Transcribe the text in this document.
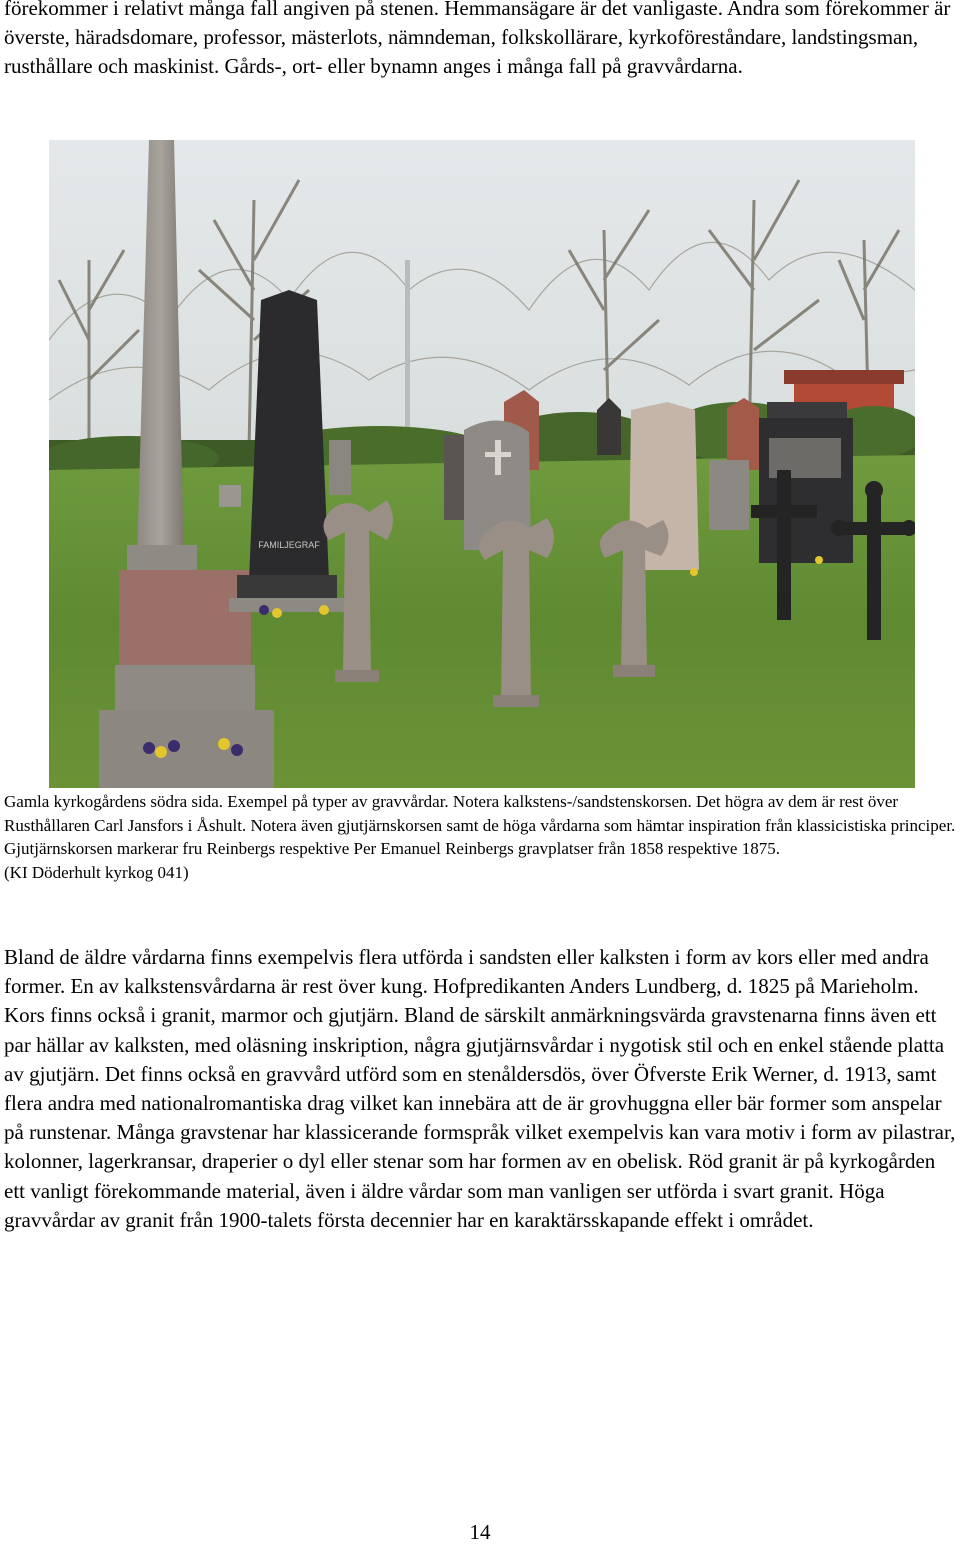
förekommer i relativt många fall angiven på stenen. Hemmansägare är det vanligaste. Andra som förekommer är överste, häradsdomare, professor, mästerlots, nämndeman, folkskollärare, kyrkoföreståndare, landstingsman, rusthållare och maskinist. Gårds-, ort- eller bynamn anges i många fall på gravvårdarna.

FAMILJEGRAF

Gamla kyrkogårdens södra sida. Exempel på typer av gravvårdar. Notera kalkstens-/sandstenskorsen. Det högra av dem är rest över Rusthållaren Carl Jansfors i Åshult. Notera även gjutjärnskorsen samt de höga vårdarna som hämtar inspiration från klassicistiska principer. Gjutjärnskorsen markerar fru Reinbergs respektive Per Emanuel Reinbergs gravplatser från 1858 respektive 1875.
(KI Döderhult kyrkog 041)

Bland de äldre vårdarna finns exempelvis flera utförda i sandsten eller kalksten i form av kors eller med andra former. En av kalkstensvårdarna är rest över kung. Hofpredikanten Anders Lundberg, d. 1825 på Marieholm. Kors finns också i granit, marmor och gjutjärn. Bland de särskilt anmärkningsvärda gravstenarna finns även ett par hällar av kalksten, med oläsning inskription, några gjutjärnsvårdar i nygotisk stil och en enkel stående platta av gjutjärn. Det finns också en gravvård utförd som en stenåldersdös, över Öfverste Erik Werner, d. 1913, samt flera andra med nationalromantiska drag vilket kan innebära att de är grovhuggna eller bär former som anspelar på runstenar. Många gravstenar har klassicerande formspråk vilket exempelvis kan vara motiv i form av pilastrar, kolonner, lagerkransar, draperier o dyl eller stenar som har formen av en obelisk. Röd granit är på kyrkogården ett vanligt förekommande material, även i äldre vårdar som man vanligen ser utförda i svart granit. Höga gravvårdar av granit från 1900-talets första decennier har en karaktärsskapande effekt i området.

14
